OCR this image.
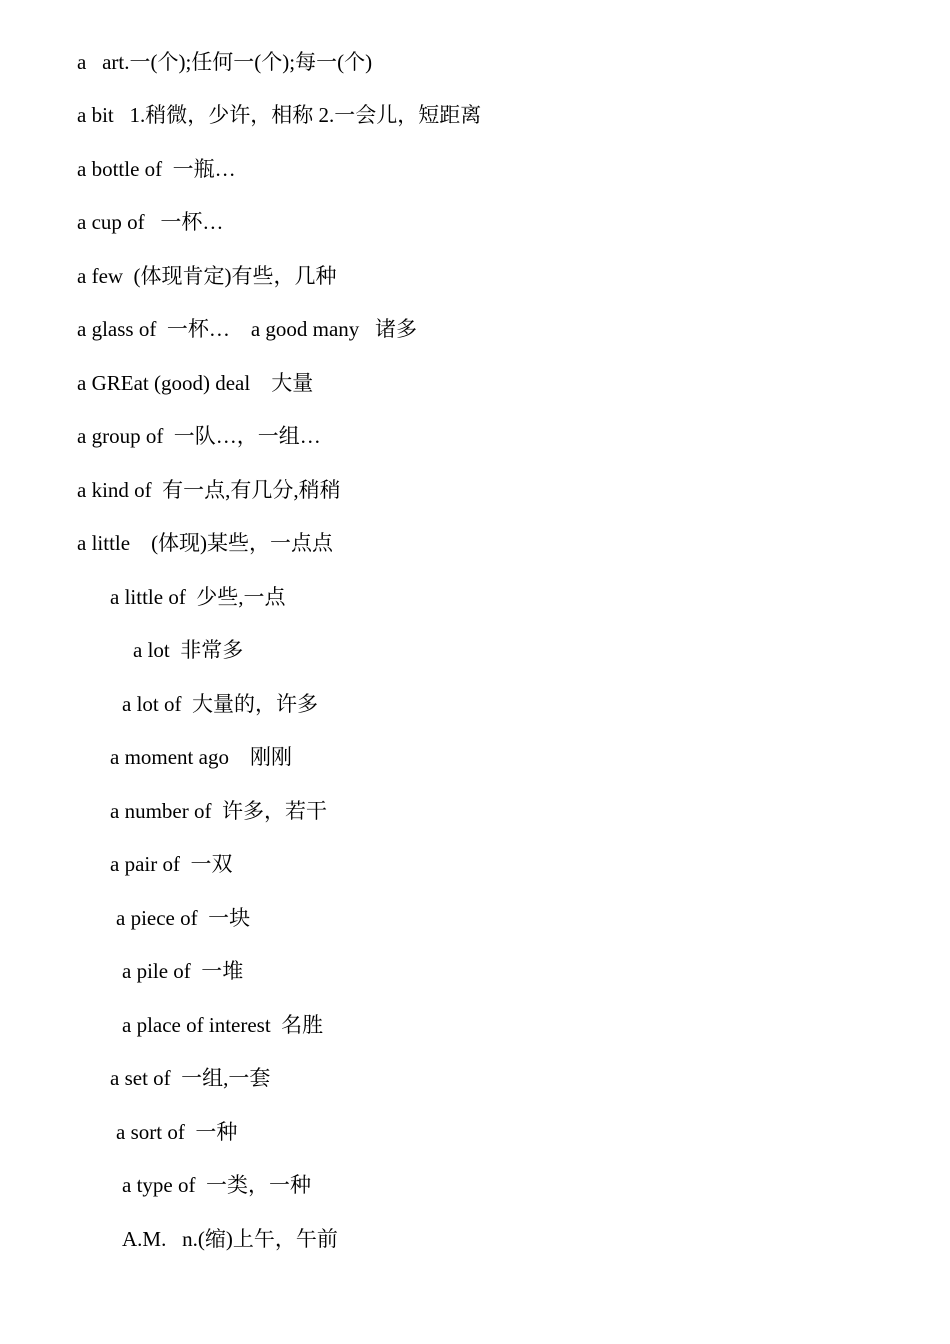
a   art.一(个);任何一(个);每一(个)
a bit   1.稍微，少许，相称 2.一会儿，短距离
a bottle of  一瓶…
a cup of   一杯…
a few  (体现肯定)有些，几种
a glass of  一杯…    a good many   诸多
a GREat (good) deal    大量
a group of  一队…，一组…
a kind of  有一点,有几分,稍稍
a little    (体现)某些，一点点
a little of  少些,一点
a lot  非常多
a lot of  大量的，许多
a moment ago    刚刚
a number of  许多，若干
a pair of  一双
a piece of  一块
a pile of  一堆
a place of interest  名胜
a set of  一组,一套
a sort of  一种
a type of  一类，一种
A.M.   n.(缩)上午，午前
